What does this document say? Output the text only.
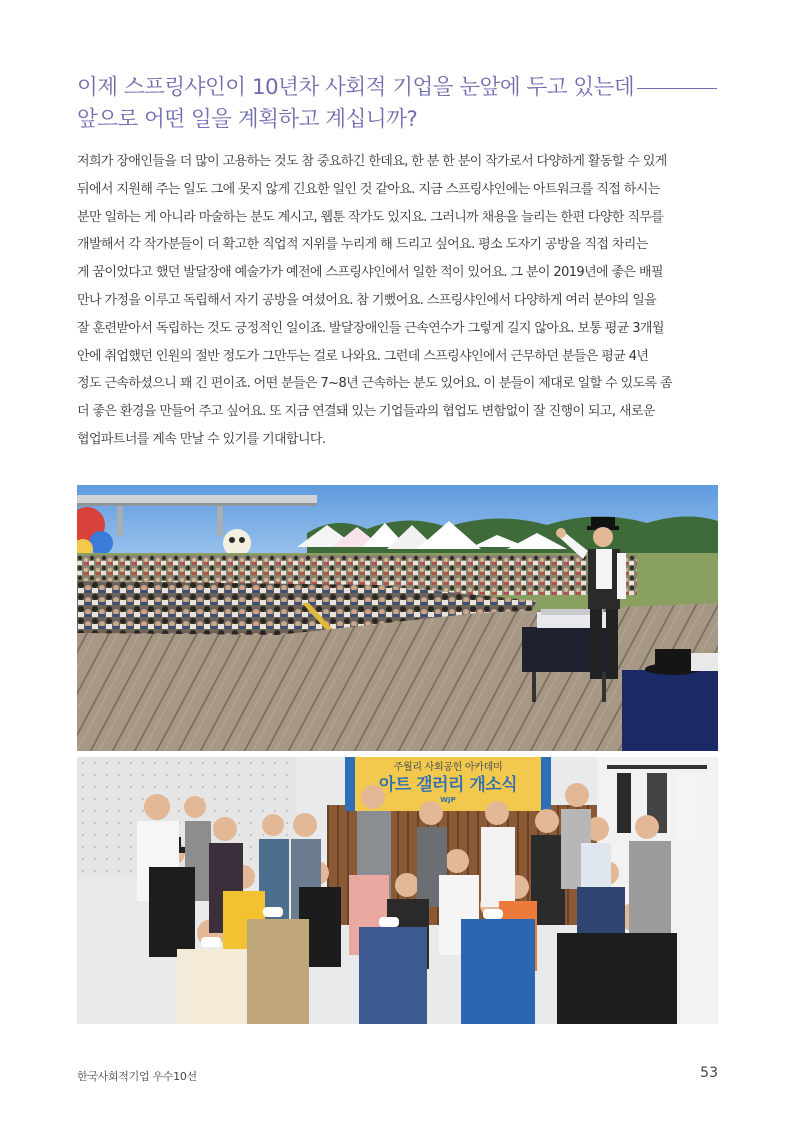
이제 스프링샤인이 10년차 사회적 기업을 눈앞에 두고 있는데
앞으로 어떤 일을 계획하고 계십니까?

저희가 장애인들을 더 많이 고용하는 것도 참 중요하긴 한데요, 한 분 한 분이 작가로서 다양하게 활동할 수 있게
뒤에서 지원해 주는 일도 그에 못지 않게 긴요한 일인 것 같아요. 지금 스프링샤인에는 아트워크를 직접 하시는
분만 일하는 게 아니라 마술하는 분도 계시고, 웹툰 작가도 있지요. 그러니까 채용을 늘리는 한편 다양한 직무를
개발해서 각 작가분들이 더 확고한 직업적 지위를 누리게 해 드리고 싶어요. 평소 도자기 공방을 직접 차리는
게 꿈이었다고 했던 발달장애 예술가가 예전에 스프링샤인에서 일한 적이 있어요. 그 분이 2019년에 좋은 배필
만나 가정을 이루고 독립해서 자기 공방을 여셨어요. 참 기뻤어요. 스프링샤인에서 다양하게 여러 분야의 일을
잘 훈련받아서 독립하는 것도 긍정적인 일이죠. 발달장애인들 근속연수가 그렇게 길지 않아요. 보통 평균 3개월
안에 취업했던 인원의 절반 정도가 그만두는 걸로 나와요. 그런데 스프링샤인에서 근무하던 분들은 평균 4년
정도 근속하셨으니 꽤 긴 편이죠. 어떤 분들은 7~8년 근속하는 분도 있어요. 이 분들이 제대로 일할 수 있도록 좀
더 좋은 환경을 만들어 주고 싶어요. 또 지금 연결돼 있는 기업들과의 협업도 변함없이 잘 진행이 되고, 새로운
협업파트너를 계속 만날 수 있기를 기대합니다.

주월리 사회공헌 아카데미
아트 갤러리 개소식
WJP
한국사회적기업 우수10선	53
